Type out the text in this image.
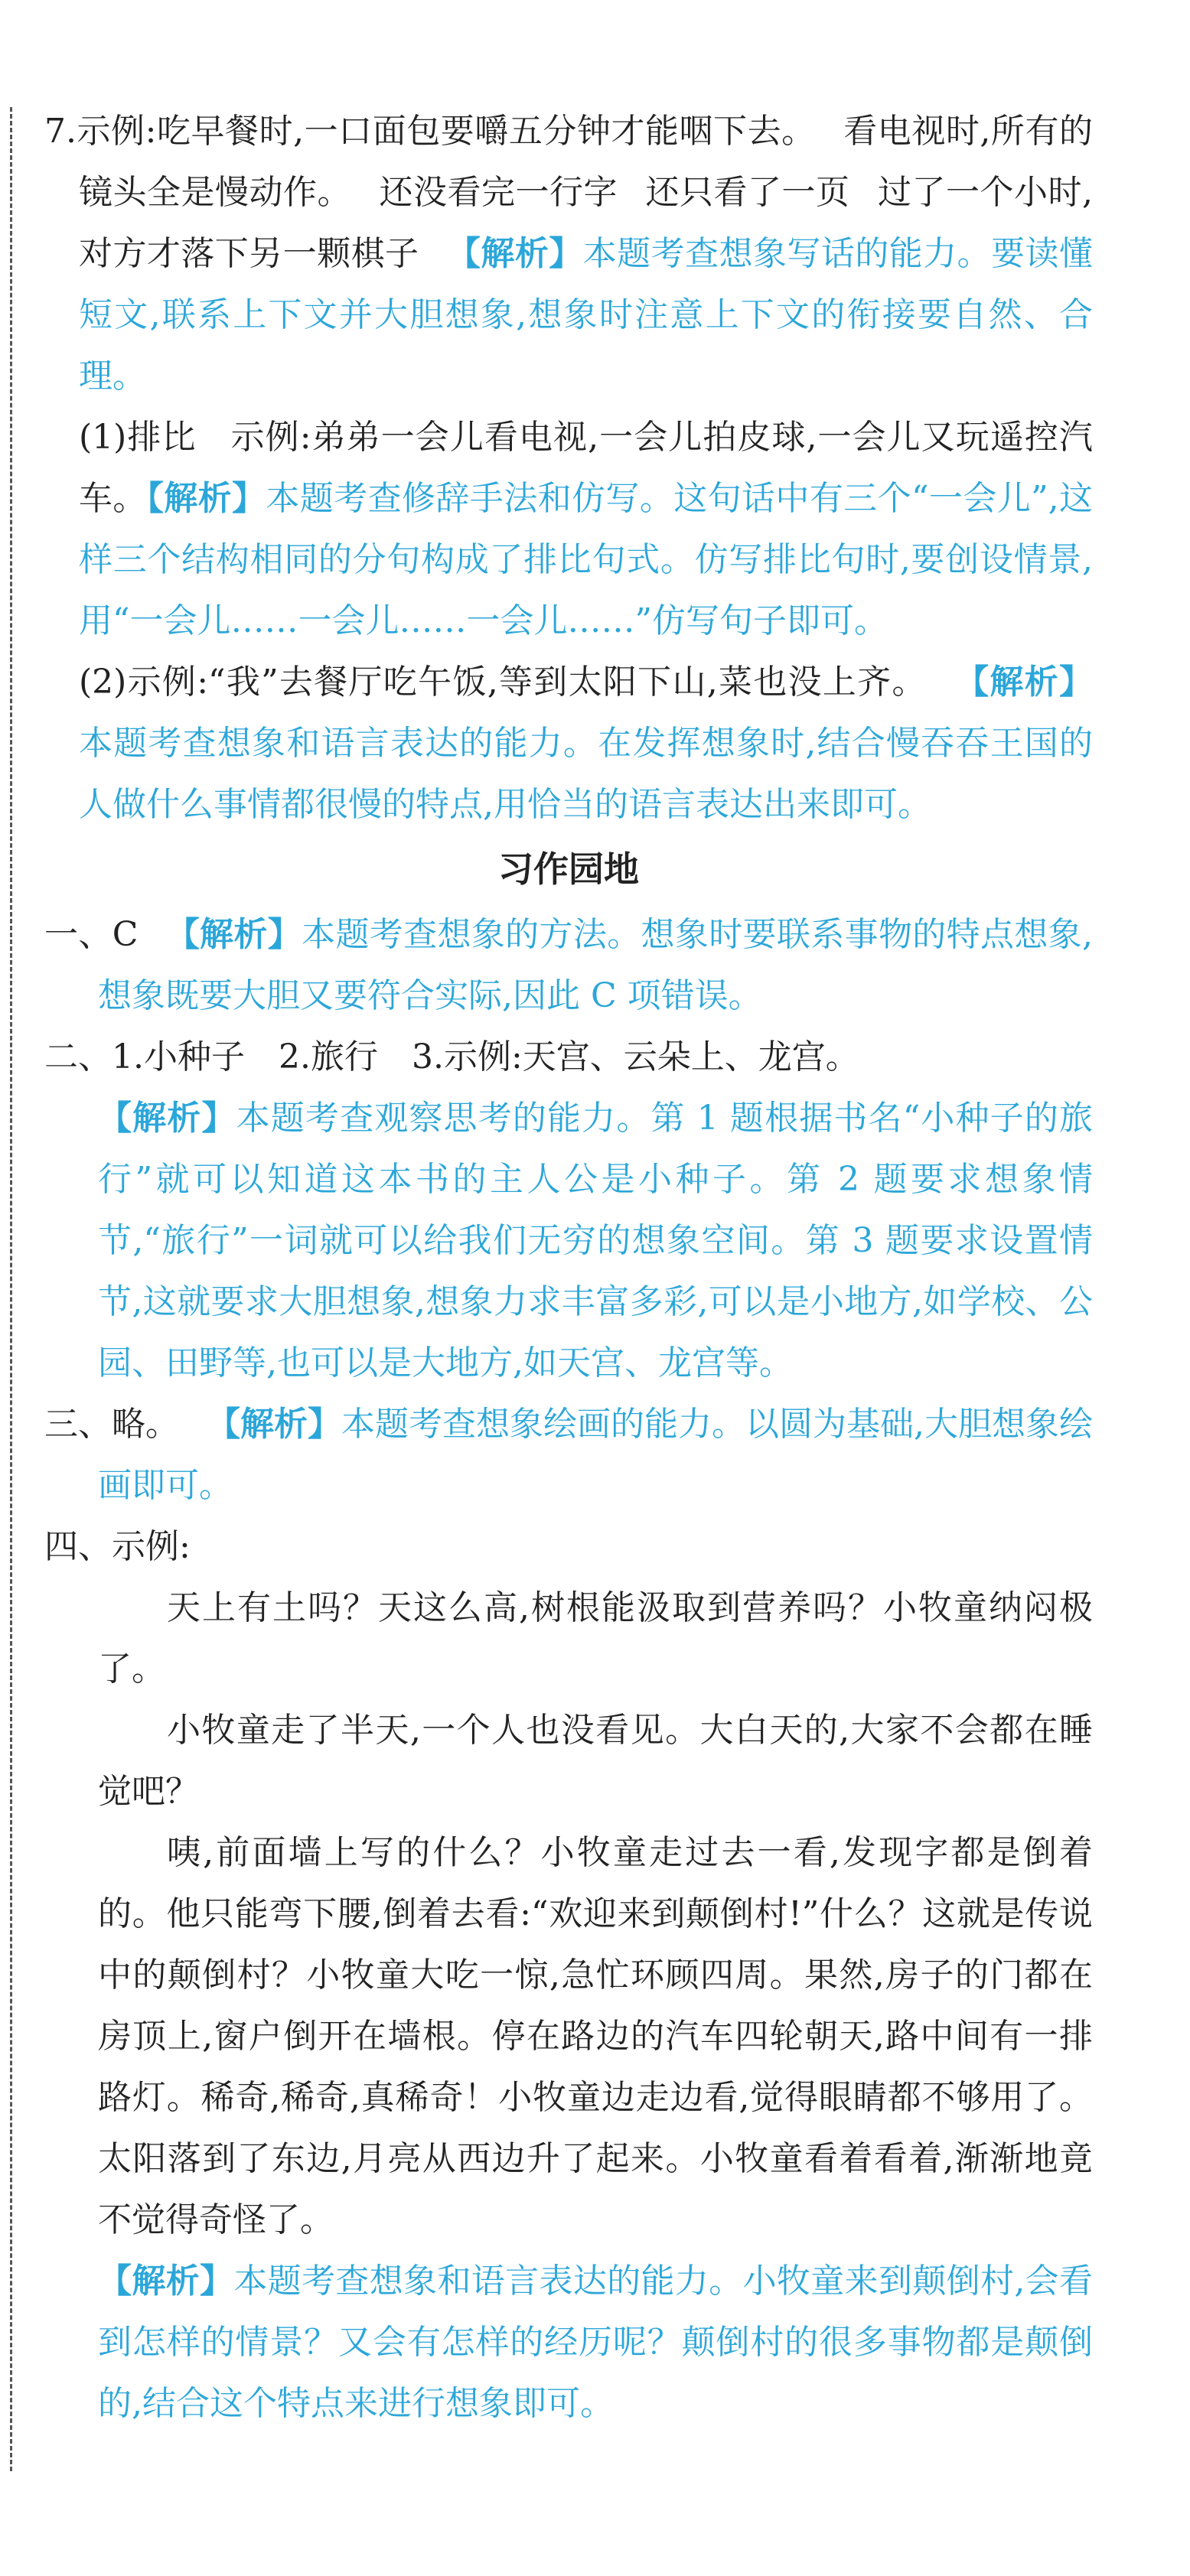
7.示例:吃早餐时,一口面包要嚼五分钟才能咽下去。 看电视时,所有的镜头全是慢动作。 还没看完一行字 还只看了一页 过了一个小时,对方才落下另一颗棋子 【解析】本题考查想象写话的能力。要读懂短文,联系上下文并大胆想象,想象时注意上下文的衔接要自然、合理。

(1)排比　示例:弟弟一会儿看电视,一会儿拍皮球,一会儿又玩遥控汽车。【解析】本题考查修辞手法和仿写。这句话中有三个“一会儿”,这样三个结构相同的分句构成了排比句式。仿写排比句时,要创设情景,用“一会儿……一会儿……一会儿……”仿写句子即可。

(2)示例:“我”去餐厅吃午饭,等到太阳下山,菜也没上齐。 【解析】本题考查想象和语言表达的能力。在发挥想象时,结合慢吞吞王国的人做什么事情都很慢的特点,用恰当的语言表达出来即可。

习作园地

一、C 【解析】本题考查想象的方法。想象时要联系事物的特点想象,想象既要大胆又要符合实际,因此 C 项错误。

二、1.小种子　2.旅行　3.示例:天宫、云朵上、龙宫。

【解析】本题考查观察思考的能力。第 1 题根据书名“小种子的旅行”就可以知道这本书的主人公是小种子。第 2 题要求想象情节,“旅行”一词就可以给我们无穷的想象空间。第 3 题要求设置情节,这就要求大胆想象,想象力求丰富多彩,可以是小地方,如学校、公园、田野等,也可以是大地方,如天宫、龙宫等。

三、略。 【解析】本题考查想象绘画的能力。以圆为基础,大胆想象绘画即可。

四、示例:

天上有土吗？天这么高,树根能汲取到营养吗？小牧童纳闷极了。

小牧童走了半天,一个人也没看见。大白天的,大家不会都在睡觉吧？

咦,前面墙上写的什么？小牧童走过去一看,发现字都是倒着的。他只能弯下腰,倒着去看:“欢迎来到颠倒村!”什么？这就是传说中的颠倒村？小牧童大吃一惊,急忙环顾四周。果然,房子的门都在房顶上,窗户倒开在墙根。停在路边的汽车四轮朝天,路中间有一排路灯。稀奇,稀奇,真稀奇！小牧童边走边看,觉得眼睛都不够用了。太阳落到了东边,月亮从西边升了起来。小牧童看着看着,渐渐地竟不觉得奇怪了。

【解析】本题考查想象和语言表达的能力。小牧童来到颠倒村,会看到怎样的情景？又会有怎样的经历呢？颠倒村的很多事物都是颠倒的,结合这个特点来进行想象即可。
